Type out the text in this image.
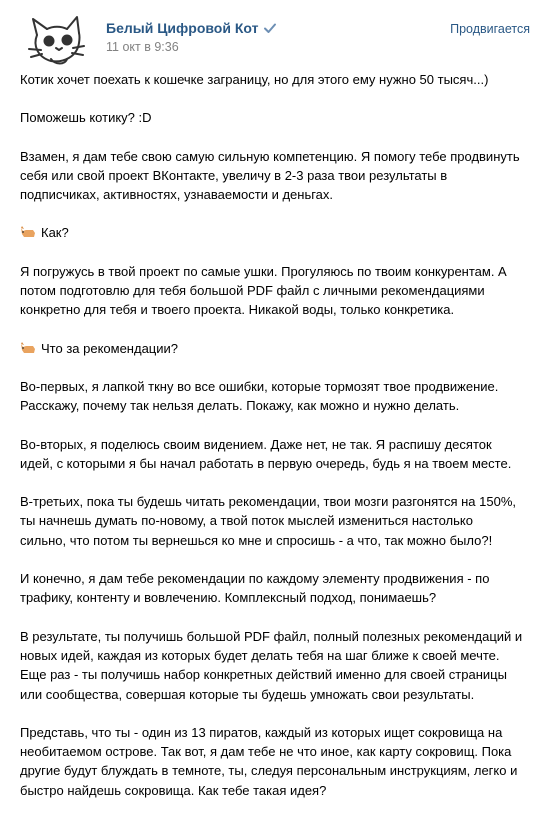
Белый Цифровой Кот
11 окт в 9:36
Продвигается

Котик хочет поехать к кошечке заграницу, но для этого ему нужно 50 тысяч...)

Поможешь котику? :D

Взамен, я дам тебе свою самую сильную компетенцию. Я помогу тебе продвинуть
себя или свой проект ВКонтакте, увеличу в 2-3 раза твои результаты в
подписчиках, активностях, узнаваемости и деньгах.

Как?

Я погружусь в твой проект по самые ушки. Прогуляюсь по твоим конкурентам. А
потом подготовлю для тебя большой PDF файл с личными рекомендациями
конкретно для тебя и твоего проекта. Никакой воды, только конкретика.

Что за рекомендации?

Во-первых, я лапкой ткну во все ошибки, которые тормозят твое продвижение.
Расскажу, почему так нельзя делать. Покажу, как можно и нужно делать.

Во-вторых, я поделюсь своим видением. Даже нет, не так. Я распишу десяток
идей, с которыми я бы начал работать в первую очередь, будь я на твоем месте.

В-третьих, пока ты будешь читать рекомендации, твои мозги разгонятся на 150%,
ты начнешь думать по-новому, а твой поток мыслей измениться настолько
сильно, что потом ты вернешься ко мне и спросишь - а что, так можно было?!

И конечно, я дам тебе рекомендации по каждому элементу продвижения - по
трафику, контенту и вовлечению. Комплексный подход, понимаешь?

В результате, ты получишь большой PDF файл, полный полезных рекомендаций и
новых идей, каждая из которых будет делать тебя на шаг ближе к своей мечте.
Еще раз - ты получишь набор конкретных действий именно для своей страницы
или сообщества, совершая которые ты будешь умножать свои результаты.

Представь, что ты - один из 13 пиратов, каждый из которых ищет сокровища на
необитаемом острове. Так вот, я дам тебе не что иное, как карту сокровищ. Пока
другие будут блуждать в темноте, ты, следуя персональным инструкциям, легко и
быстро найдешь сокровища. Как тебе такая идея?
